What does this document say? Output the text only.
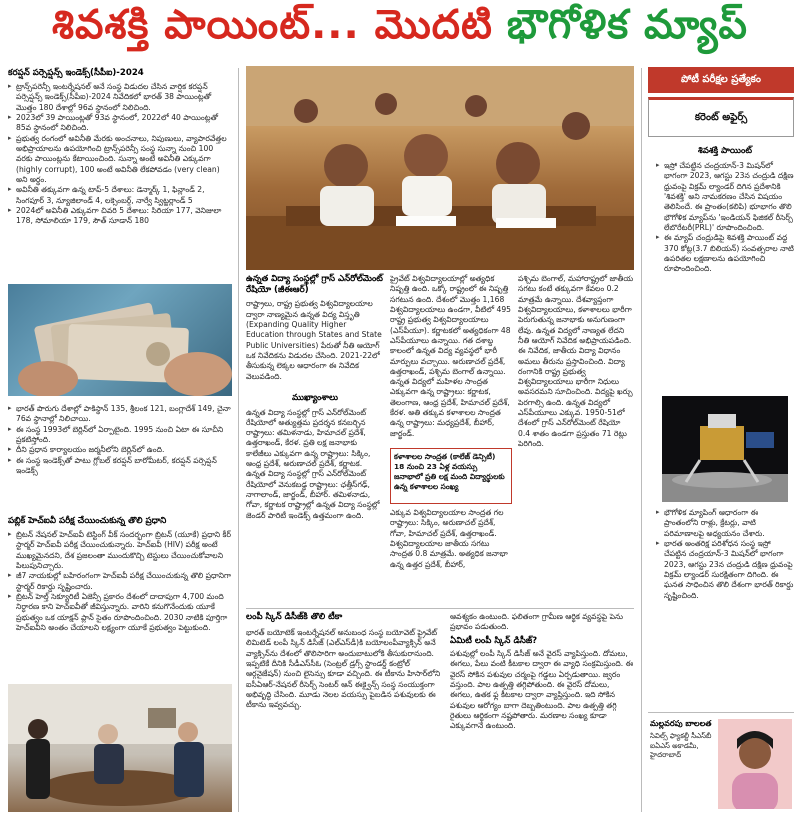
శివశక్తి పాయింట్... మొదటి భౌగోళిక మ్యాప్
కరప్షన్ పర్సెప్షన్స్ ఇండెక్స్(సీపీఐ)-2024
▸ ట్రాన్స్‌పరెన్సీ ఇంటర్నేషనల్ అనే సంస్థ విడుదల చేసిన వార్షిక కరప్షన్ పర్సెప్షన్స్ ఇండెక్స్(సీపీఐ)-2024 నివేదికలో భారత్ 38 పాయింట్లతో మొత్తం 180 దేశాల్లో 96వ స్థానంలో నిలిచింది.
▸ 2023లో 39 పాయింట్లతో 93వ స్థానంలో, 2022లో 40 పాయింట్లతో 85వ స్థానంలో నిలిచింది.
▸ ప్రభుత్వ రంగంలో అవినీతి మేరకు అంచనాలు, నిపుణులు, వ్యాపారవేత్తల అభిప్రాయాలను ఉపయోగించి ట్రాన్స్‌పరెన్సీ సంస్థ సున్నా నుంచి 100 వరకు పాయింట్లను కేటాయించింది. సున్నా అంటే అవినీతి ఎక్కువగా (highly corrupt), 100 అంటే అవినీతి లేకపోవడం (very clean) అని అర్థం.
▸ అవినీతి తక్కువగా ఉన్న టాప్-5 దేశాలు: డెన్మార్క్ 1, ఫిన్లాండ్ 2, సింగపూర్ 3, న్యూజిలాండ్ 4, లక్సెంబర్గ్, నార్వే స్విట్జర్లాండ్ 5
▸ 2024లో అవినీతి ఎక్కువగా చివరి 5 దేశాలు: సిరియా 177, వెనిజులా 178, సోమాలియా 179, సౌత్ సూడాన్ 180
▸ భారత్ పొరుగు దేశాల్లో పాకిస్థాన్ 135, శ్రీలంక 121, బంగ్లాదేశ్ 149, చైనా 76వ స్థానాల్లో నిలిచాయి.
▸ ఈ సంస్థ 1993లో బెర్లిన్‌లో ఏర్పాటైంది. 1995 నుంచి ఏటా ఈ సూచీని ప్రకటిస్తోంది.
▸ దీని ప్రధాన కార్యాలయం జర్మనీలోని బెర్లిన్‌లో ఉంది.
▸ ఈ సంస్థ ఇండెక్స్‌తో పాటు గ్లోబల్ కరప్షన్ బారోమీటర్, కరప్షన్ పర్సెప్షన్ ఇండెక్స్
పబ్లిక్ హెచ్ఐవీ పరీక్ష చేయించుకున్న తొలి ప్రధాని
▸ బ్రిటన్ నేషనల్ హెచ్ఐవీ టెస్టింగ్ వీక్ సందర్భంగా బ్రిటన్ (యూకే) ప్రధాని కీర్ స్టార్మర్ హెచ్ఐవీ పరీక్ష చేయించుకున్నారు. హెచ్ఐవీ (HIV) పరీక్ష అంటే ముఖ్యమైనదని, దేశ ప్రజలంతా ముందుకొచ్చి టెస్టులు చేయించుకోవాలని పిలుపునిచ్చారు.
▸ జీ7 నాయకుల్లో బహిరంగంగా హెచ్ఐవీ పరీక్ష చేయించుకున్న తొలి ప్రధానిగా స్టార్మర్ రికార్డు సృష్టించారు.
▸ బ్రిటన్ హెల్త్ సెక్యూరిటీ ఏజెన్సీ ప్రకారం దేశంలో దాదాపుగా 4,700 మంది నిర్ధారణ కాని హెచ్ఐవీతో జీవిస్తున్నారు. వారిని కనుగొనేందుకు యూకే ప్రభుత్వం ఒక యాక్షన్ ప్లాన్ సైతం రూపొందించింది. 2030 నాటికి పూర్తిగా హెచ్ఐవీని అంతం చేయాలని లక్ష్యంగా యూకే ప్రభుత్వం పెట్టుకుంది.
ఉన్నత విద్యా సంస్థల్లో గ్రాస్ ఎన్‌రోల్‌మెంట్ రేషియో (జీఈఆర్)
రాష్ట్రాలు, రాష్ట్ర ప్రభుత్వ విశ్వవిద్యాలయాల ద్వారా నాణ్యమైన ఉన్నత విద్య విస్తృతి (Expanding Quality Higher Education through States and State Public Universities) పేరుతో నీతి ఆయోగ్ ఒక నివేదికను విడుదల చేసింది. 2021-22లో తీసుకున్న లెక్కల ఆధారంగా ఈ నివేదిక వెలువడింది.
ముఖ్యాంశాలు
ఉన్నత విద్యా సంస్థల్లో గ్రాస్ ఎన్‌రోల్‌మెంట్ రేషియోలో అత్యుత్తమ ప్రదర్శన కనబర్చిన రాష్ట్రాలు: తమిళనాడు, హిమాచల్ ప్రదేశ్, ఉత్తరాఖండ్, కేరళ. ప్రతి లక్ష జనాభాకు కాలేజీలు ఎక్కువగా ఉన్న రాష్ట్రాలు: సిక్కిం, ఆంధ్ర ప్రదేశ్, అరుణాచల్ ప్రదేశ్, కర్ణాటక. ఉన్నత విద్యా సంస్థల్లో గ్రాస్ ఎన్‌రోల్‌మెంట్ రేషియోలో వెనుకబడ్డ రాష్ట్రాలు: ఛత్తీస్‌గఢ్, నాగాలాండ్, జార్ఖండ్, బీహార్. తమిళనాడు, గోవా, కర్ణాటక రాష్ట్రాల్లో ఉన్నత విద్యా సంస్థల్లో జెండర్ పారిటీ ఇండెక్స్ ఉత్తమంగా ఉంది.
ప్రైవేట్ విశ్వవిద్యాలయాల్లో అత్యధిక నిష్పత్తి ఉంది. ఒక్కో రాష్ట్రంలో ఈ నిష్పత్తి సగటున ఉంది. దేశంలో మొత్తం 1,168 విశ్వవిద్యాలయాలు ఉండగా, వీటిలో 495 రాష్ట్ర ప్రభుత్వ విశ్వవిద్యాలయాలు (ఎస్‌పీయూ). కర్ణాటకలో అత్యధికంగా 48 ఎస్‌పీయూలు ఉన్నాయి. గత దశాబ్ద కాలంలో ఉన్నత విద్య వ్యవస్థలో భారీ మార్పులు వచ్చాయి. అరుణాచల్ ప్రదేశ్, ఉత్తరాఖండ్, పశ్చిమ బెంగాల్ ఉన్నాయి. ఉన్నత విద్యలో మహిళల సాంద్రత ఎక్కువగా ఉన్న రాష్ట్రాలు: కర్ణాటక, తెలంగాణ, ఆంధ్ర ప్రదేశ్, హిమాచల్ ప్రదేశ్, కేరళ. అతి తక్కువ కళాశాలల సాంద్రత ఉన్న రాష్ట్రాలు: మధ్యప్రదేశ్, బీహార్, జార్ఖండ్.
కళాశాలల సాంద్రత (కాలేజ్ డెన్సిటీ) 18 నుంచి 23 ఏళ్ల వయస్సు జనాభాలో ప్రతి లక్ష మంది విద్యార్థులకు ఉన్న కళాశాలల సంఖ్య
ఎక్కువ విశ్వవిద్యాలయాల సాంద్రత గల రాష్ట్రాలు: సిక్కిం, అరుణాచల్ ప్రదేశ్, గోవా, హిమాచల్ ప్రదేశ్, ఉత్తరాఖండ్. విశ్వవిద్యాలయాల జాతీయ సగటు సాంద్రత 0.8 మాత్రమే. అత్యధిక జనాభా ఉన్న ఉత్తర ప్రదేశ్, బీహార్,
పశ్చిమ బెంగాల్, మహారాష్ట్రలో జాతీయ సగటు కంటే తక్కువగా కేవలం 0.2 మాత్రమే ఉన్నాయి. దేశవ్యాప్తంగా విశ్వవిద్యాలయాలు, కళాశాలలు భారీగా పెరుగుతున్న జనాభాకు అనుగుణంగా లేవు. ఉన్నత విద్యలో నాణ్యత లేదని నీతి ఆయోగ్ నివేదిక అభిప్రాయపడింది. ఈ నివేదిక, జాతీయ విద్యా విధానం అమలు తీరును ప్రస్తావించింది. విద్యా రంగానికి రాష్ట్ర ప్రభుత్వ విశ్వవిద్యాలయాలు భారీగా నిధులు అవసరమని సూచించింది. విద్యపై ఖర్చు పెరగాల్సి ఉంది. ఉన్నత విద్యలో ఎస్‌పీయూలు ఎక్కువ. 1950-51లో దేశంలో గ్రాస్ ఎన్‌రోల్‌మెంట్ రేషియో 0.4 శాతం ఉండగా ప్రస్తుతం 71 రెట్లు పెరిగింది.
లంపీ స్కిన్ డిసీజ్‌కి తొలి టీకా
భారత్ బయోటెక్ ఇంటర్నేషనల్ అనుబంధ సంస్థ బయోవెట్ ప్రైవేట్ లిమిటెడ్ లంపీ స్కిన్ డిసీజ్ (ఎల్‌ఎస్‌డీ)కి బయోలంపీవ్యాక్సిన్ అనే వ్యాక్సిన్‌ను దేశంలో తొలిసారిగా అందుబాటులోకి తీసుకురానుంది. ఇప్పటికే దీనికి సీడీఎస్‌సీఓ (సెంట్రల్ డ్రగ్స్ స్టాండర్డ్ కంట్రోల్ ఆర్గనైజేషన్) నుంచి లైసెన్సు కూడా వచ్చింది. ఈ టీకాను హిసార్‌లోని ఐసీఏఆర్-నేషనల్ రీసెర్చ్ సెంటర్ ఆన్ ఈక్వైన్స్ సంస్థ సంయుక్తంగా అభివృద్ధి చేసింది. మూడు నెలల వయస్సు పైబడిన పశువులకు ఈ టీకాను ఇవ్వవచ్చు.
ఆవశ్యకం ఉంటుంది. ఫలితంగా గ్రామీణ ఆర్థిక వ్యవస్థపై పెను ప్రభావం పడుతుంది.
ఏమిటీ లంపీ స్కిన్ డిసీజ్?
పశువుల్లో లంపీ స్కిన్ డిసీజ్ అనే వైరస్ వ్యాపిస్తుంది. దోమలు, ఈగలు, పేలు వంటి కీటకాల ద్వారా ఈ వ్యాధి సంక్రమిస్తుంది. ఈ వైరస్ సోకిన పశువుల చర్మంపై గడ్డలు ఏర్పడుతాయి. జ్వరం వస్తుంది. పాల ఉత్పత్తి తగ్గిపోతుంది. ఈ వైరస్ దోమలు, ఈగలు, ఉతక ఫ్ల కీటకాల ద్వారా వ్యాప్తిస్తుంది. ఇది సోకిన పశువుల ఆరోగ్యం బాగా దెబ్బతింటుంది. పాల ఉత్పత్తి తగ్గి రైతులు ఆర్థికంగా నష్టపోతారు. మరణాల సంఖ్య కూడా ఎక్కువగానే ఉంటుంది.
పోటీ పరీక్షల ప్రత్యేకం
కరెంట్ అఫైర్స్
శివశక్తి పాయింట్
▸ ఇస్రో చేపట్టిన చంద్రయాన్-3 మిషన్‌లో భాగంగా 2023, ఆగస్టు 23న చంద్రుడి దక్షిణ ధ్రువంపై విక్రమ్ ల్యాండర్ దిగిన ప్రదేశానికి 'శివశక్తి' అని నామకరణం చేసిన విషయం తెలిసిందే. ఈ ప్రాంతం(కలిపి) భూభాగం తొలి భౌగోళిక మ్యాప్‌ను 'ఇండియన్ ఫిజికల్ రీసెర్చ్ లేబొరేటరీ(PRL)' రూపొందించింది.
▸ ఈ మ్యాప్ చంద్రుడిపై శివశక్తి పాయింట్ వద్ద 370 కోట్ల(3.7 బిలియన్) సంవత్సరాల నాటి ఉపరితల లక్షణాలను ఉపయోగించి రూపొందించింది.
▸ భౌగోళిక మ్యాపింగ్ ఆధారంగా ఈ ప్రాంతంలోని రాళ్లు, క్రేటర్లు, వాటి పరిమాణాలపై అధ్యయనం చేశారు.
▸ భారత అంతరిక్ష పరిశోధన సంస్థ ఇస్రో చేపట్టిన చంద్రయాన్-3 మిషన్‌లో భాగంగా 2023, ఆగస్టు 23న చంద్రుడి దక్షిణ ధ్రువంపై విక్రమ్ ల్యాండర్ సురక్షితంగా దిగింది. ఈ ఘనత సాధించిన తొలి దేశంగా భారత్ రికార్డు సృష్టించింది.
మల్లవరపు బాలలత
సివిల్స్ ఫ్యాకల్టీ సీఎస్‌బీ ఐఏఎస్ అకాడమీ, హైదరాబాద్
